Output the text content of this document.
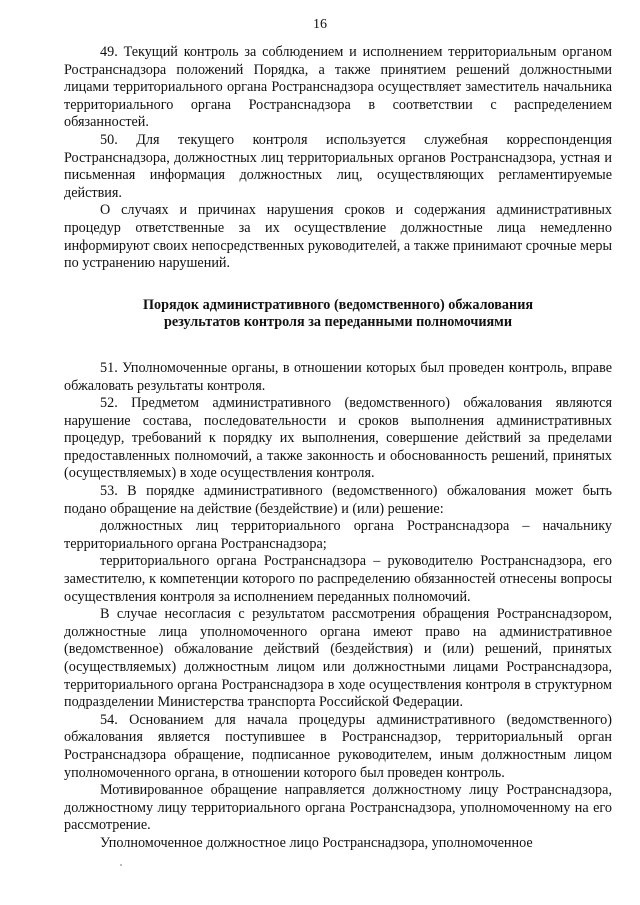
16

49. Текущий контроль за соблюдением и исполнением территориальным органом Ространснадзора положений Порядка, а также принятием решений должностными лицами территориального органа Ространснадзора осуществляет заместитель начальника территориального органа Ространснадзора в соответствии с распределением обязанностей.

50. Для текущего контроля используется служебная корреспонденция Ространснадзора, должностных лиц территориальных органов Ространснадзора, устная и письменная информация должностных лиц, осуществляющих регламентируемые действия.

О случаях и причинах нарушения сроков и содержания административных процедур ответственные за их осуществление должностные лица немедленно информируют своих непосредственных руководителей, а также принимают срочные меры по устранению нарушений.

Порядок административного (ведомственного) обжалования
результатов контроля за переданными полномочиями

51. Уполномоченные органы, в отношении которых был проведен контроль, вправе обжаловать результаты контроля.

52. Предметом административного (ведомственного) обжалования являются нарушение состава, последовательности и сроков выполнения административных процедур, требований к порядку их выполнения, совершение действий за пределами предоставленных полномочий, а также законность и обоснованность решений, принятых (осуществляемых) в ходе осуществления контроля.

53. В порядке административного (ведомственного) обжалования может быть подано обращение на действие (бездействие) и (или) решение:

должностных лиц территориального органа Ространснадзора – начальнику территориального органа Ространснадзора;

территориального органа Ространснадзора – руководителю Ространснадзора, его заместителю, к компетенции которого по распределению обязанностей отнесены вопросы осуществления контроля за исполнением переданных полномочий.

В случае несогласия с результатом рассмотрения обращения Ространснадзором, должностные лица уполномоченного органа имеют право на административное (ведомственное) обжалование действий (бездействия) и (или) решений, принятых (осуществляемых) должностным лицом или должностными лицами Ространснадзора, территориального органа Ространснадзора в ходе осуществления контроля в структурном подразделении Министерства транспорта Российской Федерации.

54. Основанием для начала процедуры административного (ведомственного) обжалования является поступившее в Ространснадзор, территориальный орган Ространснадзора обращение, подписанное руководителем, иным должностным лицом уполномоченного органа, в отношении которого был проведен контроль.

Мотивированное обращение направляется должностному лицу Ространснадзора, должностному лицу территориального органа Ространснадзора, уполномоченному на его рассмотрение.

Уполномоченное должностное лицо Ространснадзора, уполномоченное
